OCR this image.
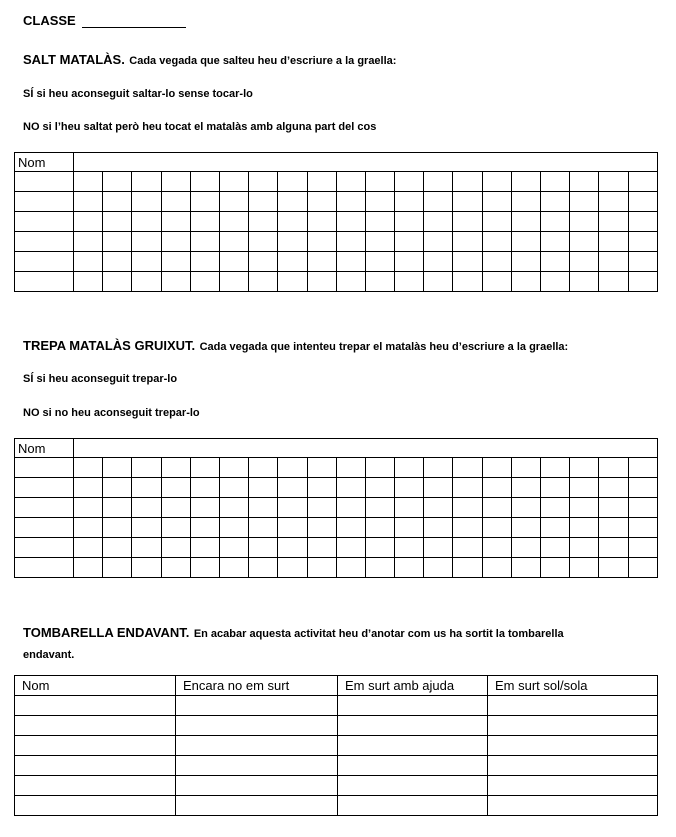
CLASSE
SALT MATALÀS. Cada vegada que salteu heu d’escriure a la graella:
SÍ si heu aconseguit saltar-lo sense tocar-lo
NO si l’heu saltat però heu tocat el matalàs amb alguna part del cos
Nom																				

TREPA MATALÀS GRUIXUT. Cada vegada que intenteu trepar el matalàs heu d’escriure a la graella:
SÍ si heu aconseguit trepar-lo
NO si no heu aconseguit trepar-lo
Nom																				

TOMBARELLA ENDAVANT. En acabar aquesta activitat heu d’anotar com us ha sortit la tombarella
endavant.
Nom	Encara no em surt	Em surt amb ajuda	Em surt sol/sola
